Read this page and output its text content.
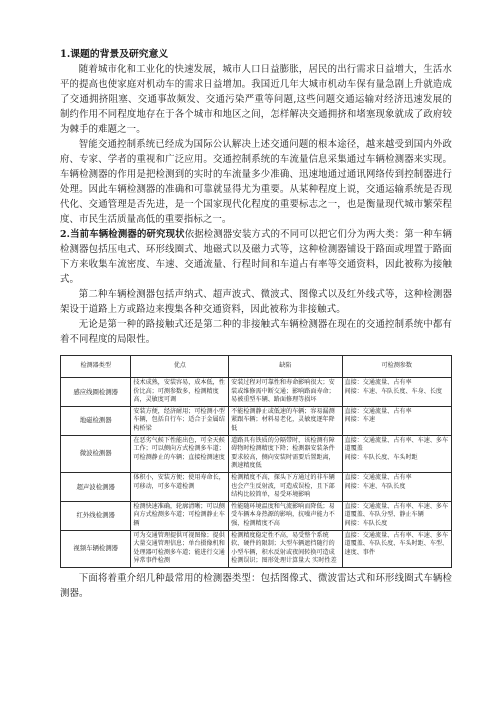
1.课题的背景及研究意义

随着城市化和工业化的快速发展，城市人口日益膨胀，居民的出行需求日益增大，生活水平的提高也使家庭对机动车的需求日益增加。我国近几年大城市机动车保有量急剧上升就造成了交通拥挤阻塞、交通事故频发、交通污染严重等问题,这些问题交通运输对经济迅速发展的制约作用不同程度地存在于各个城市和地区之间，怎样解决交通拥挤和堵塞现象就成了政府较为棘手的难题之一。

智能交通控制系统已经成为国际公认解决上述交通问题的根本途径，越来越受到国内外政府、专家、学者的重视和广泛应用。交通控制系统的车流量信息采集通过车辆检测器来实现。车辆检测器的作用是把检测到的实时的车流量多少准确、迅速地通过通讯网络传到控制器进行处理。因此车辆检测器的准确和可靠就显得尤为重要。从某种程度上说，交通运输系统是否现代化、交通管理是否先进，是一个国家现代化程度的重要标志之一，也是衡量现代城市繁荣程度、市民生活质量高低的重要指标之一。

2.当前车辆检测器的研究现状依据检测器安装方式的不同可以把它们分为两大类：第一种车辆检测器包括压电式、环形线圈式、地磁式以及磁力式等，这种检测器铺设于路面或埋置于路面下方来收集车流密度、车速、交通流量、行程时间和车道占有率等交通资料，因此被称为接触式。

第二种车辆检测器包括声纳式、超声波式、微波式、图像式以及红外线式等，这种检测器架设于道路上方或路边来搜集各种交通资料，因此被称为非接触式。

无论是第一种的路接触式还是第二种的非接触式车辆检测器在现在的交通控制系统中都有着不同程度的局限性。

检测器类型	优点	缺陷	可检测参数
感应线圈检测器	技术成熟，安装容易，成本低，性价比高；可测参数多，检测精度高，灵敏度可调	安装过程对可靠性和寿命影响很大；安装或维修需中断交通；影响路面寿命；易被重型车辆、路面修理等损坏	直接：交通流量、占有率
间接：车速、车队长度、车身、长度
地磁检测器	安装方便，经济耐用；可检测小型车辆，包括自行车；适合于金属结构桥梁	不能检测静止或低速的车辆；容易漏测紧跟车辆；材料易老化，灵敏度逐年降低	直接：交通流量、占有率
间接：车速
微波检测器	在恶劣气候下性能出色，可全天候工作；可以侧向方式检测多车道；可检测静止的车辆；直接检测速度	道路具有铁质的分隔带时，该检测有障碍物时检测精度下降；检测器安装条件要求较高，侧向安装时需要后置距离，测速精度低	直接：交通流量、占有率、车速、多车道覆盖
间接：车队长度、车头时距
超声波检测器	体积小，安装方便；使用寿命长，可移动，可多车道检测	检测精度不高，探头下方通过的非车辆也会产生反射波，可造成误检，且下部结构比较简单，易受环境影响	直接：交通流量、占有率
间接：车速、车队长度
红外线检测器	检测快速准确，轮廓清晰；可以侧向方式检测多车道；可检测静止车辆	性能随环境温度和气流影响而降低；易受车辆本身热源的影响，抗噪声能力不强，检测精度不高	直接：交通流量、占有率、车速、多车道覆盖、车队分型、静止车辆
间接：车队长度
视频车辆检测器	可为交通管理提供可视图像；提供大量交通管理信息；单台摄像机和处理器可检测多车道；能进行交通异常事件检测	检测精度稳定性不高，易受整个系统软、硬件的限制；大型车辆遮挡随行的小型车辆，积水反射或夜间转换可造成检测误识；图形处理计算量大 实时性差	直接：交通流量、占有率、车速、多车道覆盖、车队长度、车头时距、车型、速度、事件

下面将着重介绍几种最常用的检测器类型：包括图像式、微波雷达式和环形线圈式车辆检测器。
